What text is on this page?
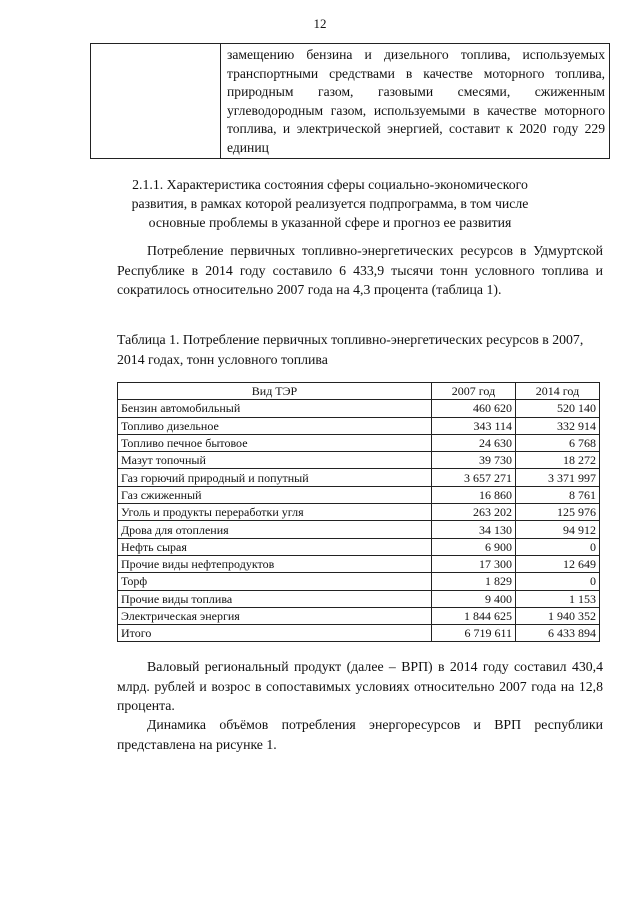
12
	замещению бензина и дизельного топлива, используемых транспортными средствами в качестве моторного топлива, природным газом, газовыми смесями, сжиженным углеводородным газом, используемыми в качестве моторного топлива, и электрической энергией, составит к 2020 году 229 единиц
2.1.1. Характеристика состояния сферы социально-экономического развития, в рамках которой реализуется подпрограмма, в том числе основные проблемы в указанной сфере и прогноз ее развития
Потребление первичных топливно-энергетических ресурсов в Удмуртской Республике в 2014 году составило 6 433,9 тысячи тонн условного топлива и сократилось относительно 2007 года на 4,3 процента (таблица 1).
Таблица 1. Потребление первичных топливно-энергетических ресурсов в 2007, 2014 годах, тонн условного топлива
Вид ТЭР	2007 год	2014 год
Бензин автомобильный	460 620	520 140
Топливо дизельное	343 114	332 914
Топливо печное бытовое	24 630	6 768
Мазут топочный	39 730	18 272
Газ горючий природный и попутный	3 657 271	3 371 997
Газ сжиженный	16 860	8 761
Уголь и продукты переработки угля	263 202	125 976
Дрова для отопления	34 130	94 912
Нефть сырая	6 900	0
Прочие виды нефтепродуктов	17 300	12 649
Торф	1 829	0
Прочие виды топлива	9 400	1 153
Электрическая энергия	1 844 625	1 940 352
Итого	6 719 611	6 433 894
Валовый региональный продукт (далее – ВРП) в 2014 году составил 430,4 млрд. рублей и возрос в сопоставимых условиях относительно 2007 года на 12,8 процента.
Динамика объёмов потребления энергоресурсов и ВРП республики представлена на рисунке 1.
